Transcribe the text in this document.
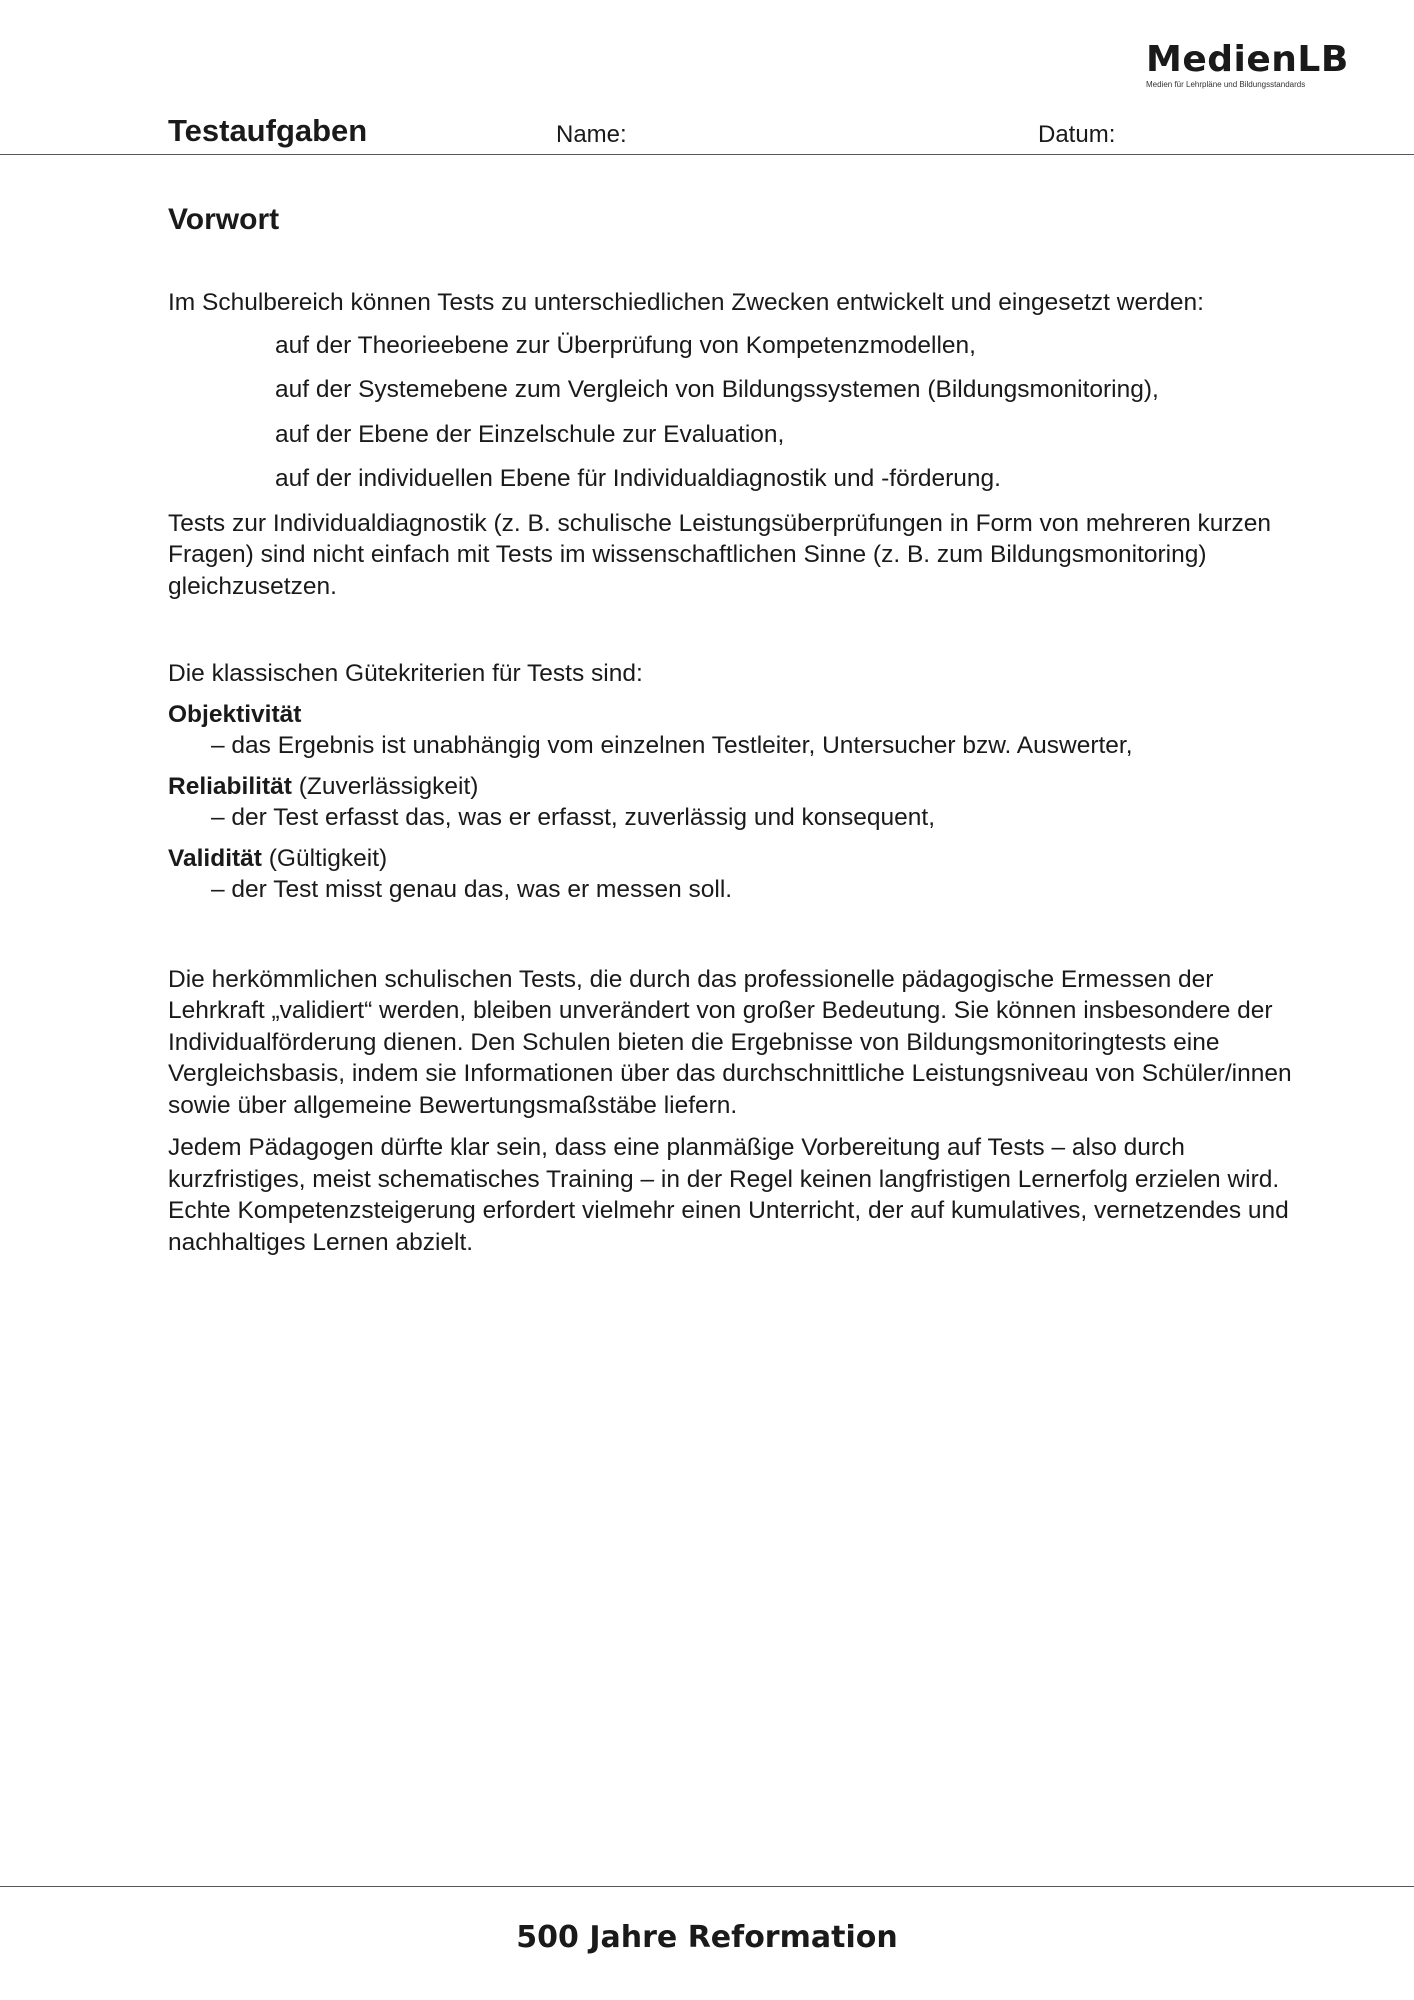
MedienLB
Medien für Lehrpläne und Bildungsstandards
Testaufgaben	Name:	Datum:
Vorwort

Im Schulbereich können Tests zu unterschiedlichen Zwecken entwickelt und eingesetzt werden:

auf der Theorieebene zur Überprüfung von Kompetenzmodellen,
auf der Systemebene zum Vergleich von Bildungssystemen (Bildungsmonitoring),
auf der Ebene der Einzelschule zur Evaluation,
auf der individuellen Ebene für Individualdiagnostik und -förderung.

Tests zur Individualdiagnostik (z. B. schulische Leistungsüberprüfungen in Form von mehreren kurzen Fragen) sind nicht einfach mit Tests im wissenschaftlichen Sinne (z. B. zum Bildungsmonitoring) gleichzusetzen.

Die klassischen Gütekriterien für Tests sind:

Objektivität
– das Ergebnis ist unabhängig vom einzelnen Testleiter, Untersucher bzw. Auswerter,
Reliabilität (Zuverlässigkeit)
– der Test erfasst das, was er erfasst, zuverlässig und konsequent,
Validität (Gültigkeit)
– der Test misst genau das, was er messen soll.

Die herkömmlichen schulischen Tests, die durch das professionelle pädagogische Ermessen der Lehrkraft „validiert“ werden, bleiben unverändert von großer Bedeutung. Sie können insbesondere der Individualförderung dienen. Den Schulen bieten die Ergebnisse von Bildungsmonitoringtests eine Vergleichsbasis, indem sie Informationen über das durchschnittliche Leistungsniveau von Schüler/innen sowie über allgemeine Bewertungsmaßstäbe liefern.

Jedem Pädagogen dürfte klar sein, dass eine planmäßige Vorbereitung auf Tests – also durch kurzfristiges, meist schematisches Training – in der Regel keinen langfristigen Lernerfolg erzielen wird. Echte Kompetenzsteigerung erfordert vielmehr einen Unterricht, der auf kumulatives, vernetzendes und nachhaltiges Lernen abzielt.

500 Jahre Reformation
